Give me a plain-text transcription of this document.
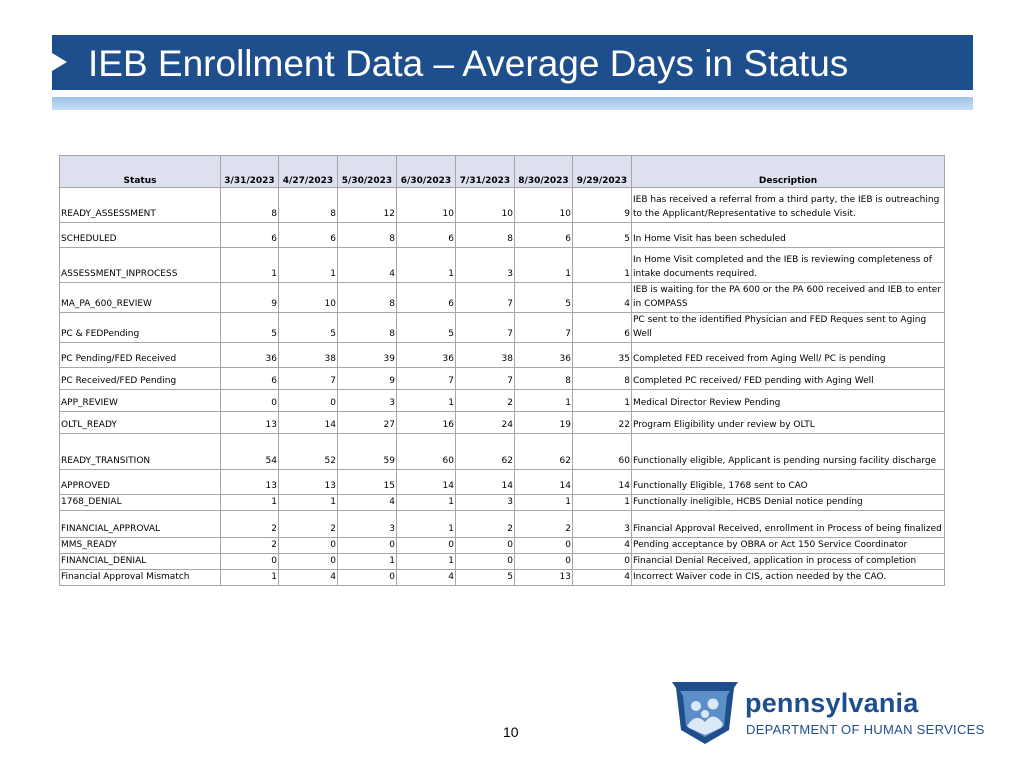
IEB Enrollment Data – Average Days in Status
Status	3/31/2023	4/27/2023	5/30/2023	6/30/2023	7/31/2023	8/30/2023	9/29/2023	Description
READY_ASSESSMENT	8	8	12	10	10	10	9	IEB has received a referral from a third party, the IEB is outreaching to the Applicant/Representative to schedule Visit.
SCHEDULED	6	6	8	6	8	6	5	In Home Visit has been scheduled
ASSESSMENT_INPROCESS	1	1	4	1	3	1	1	In Home Visit completed and the IEB is reviewing completeness of intake documents required.
MA_PA_600_REVIEW	9	10	8	6	7	5	4	IEB is waiting for the PA 600 or the PA 600 received and IEB to enter in COMPASS
PC & FEDPending	5	5	8	5	7	7	6	PC sent to the identified Physician and FED Reques sent to Aging Well
PC Pending/FED Received	36	38	39	36	38	36	35	Completed FED received from Aging Well/ PC is pending
PC Received/FED Pending	6	7	9	7	7	8	8	Completed PC received/ FED pending with Aging Well
APP_REVIEW	0	0	3	1	2	1	1	Medical Director Review Pending
OLTL_READY	13	14	27	16	24	19	22	Program Eligibility under review by OLTL
READY_TRANSITION	54	52	59	60	62	62	60	Functionally eligible, Applicant is pending nursing facility discharge
APPROVED	13	13	15	14	14	14	14	Functionally Eligible, 1768 sent to CAO
1768_DENIAL	1	1	4	1	3	1	1	Functionally ineligible, HCBS Denial notice pending
FINANCIAL_APPROVAL	2	2	3	1	2	2	3	Financial Approval Received, enrollment in Process of being finalized
MMS_READY	2	0	0	0	0	0	4	Pending acceptance by OBRA or Act 150 Service Coordinator
FINANCIAL_DENIAL	0	0	1	1	0	0	0	Financial Denial Received, application in process of completion
Financial Approval Mismatch	1	4	0	4	5	13	4	Incorrect Waiver code in CIS, action needed by the CAO.
10
pennsylvania
DEPARTMENT OF HUMAN SERVICES
